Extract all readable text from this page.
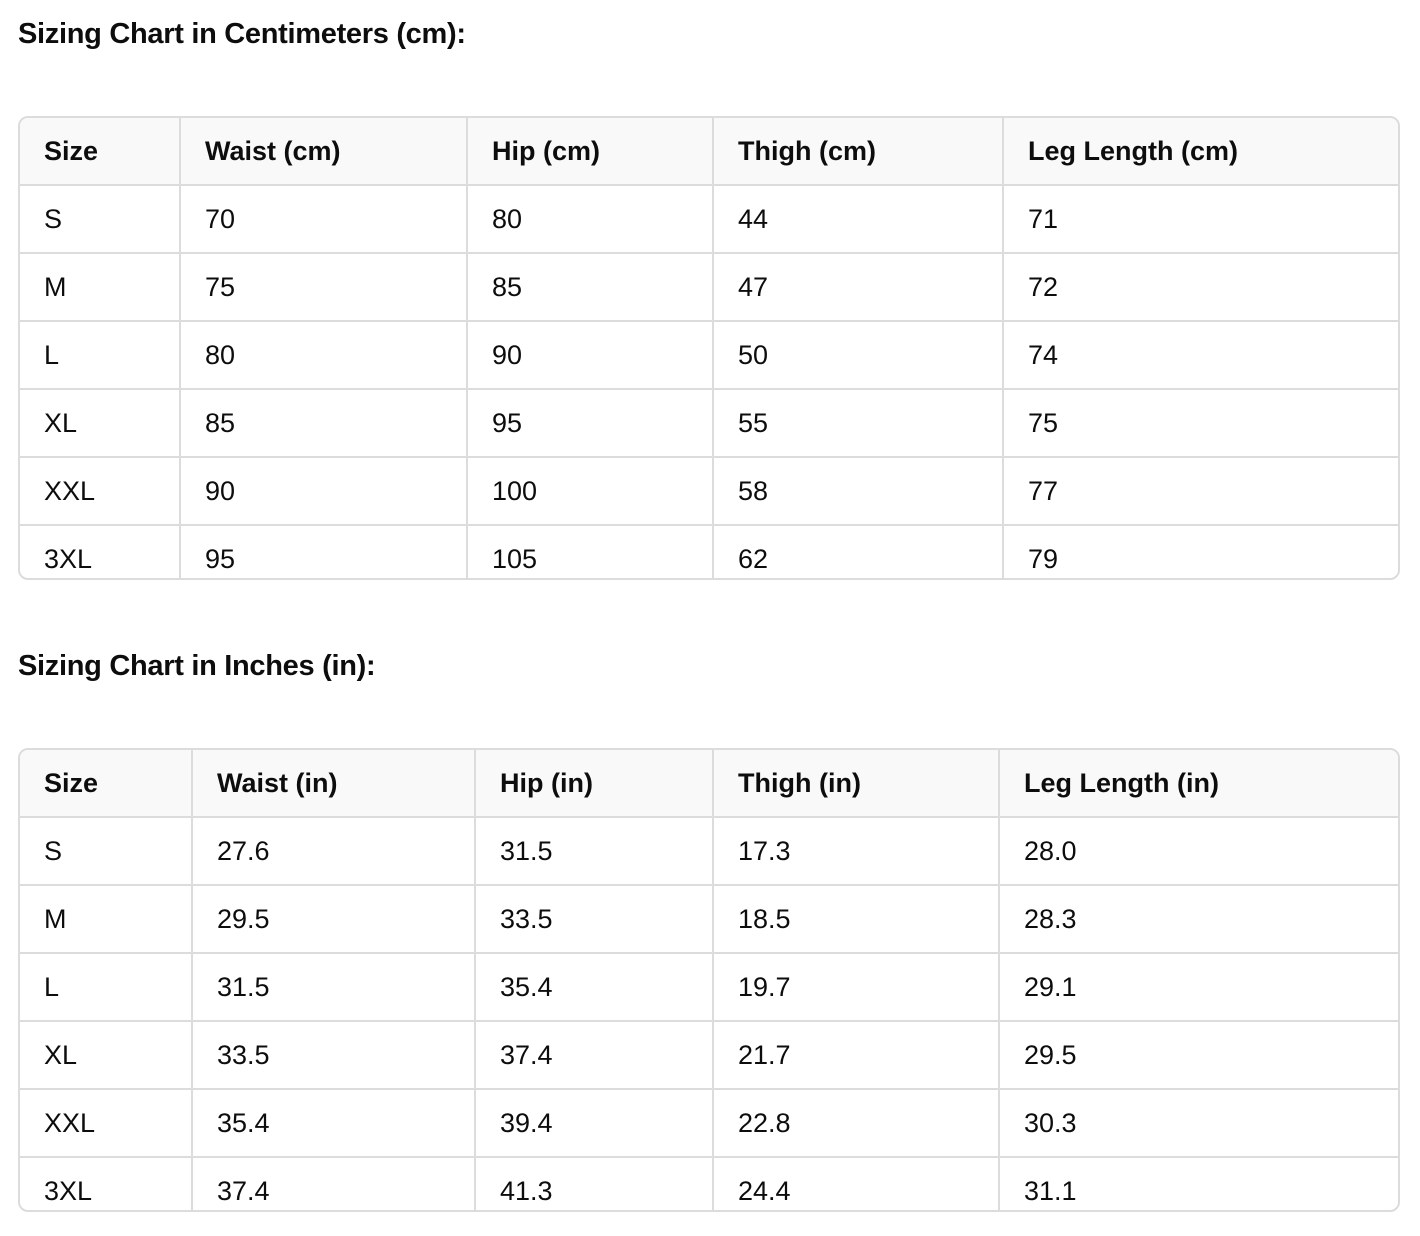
Sizing Chart in Centimeters (cm):
Size	Waist (cm)	Hip (cm)	Thigh (cm)	Leg Length (cm)
S	70	80	44	71
M	75	85	47	72
L	80	90	50	74
XL	85	95	55	75
XXL	90	100	58	77
3XL	95	105	62	79
Sizing Chart in Inches (in):
Size	Waist (in)	Hip (in)	Thigh (in)	Leg Length (in)
S	27.6	31.5	17.3	28.0
M	29.5	33.5	18.5	28.3
L	31.5	35.4	19.7	29.1
XL	33.5	37.4	21.7	29.5
XXL	35.4	39.4	22.8	30.3
3XL	37.4	41.3	24.4	31.1
